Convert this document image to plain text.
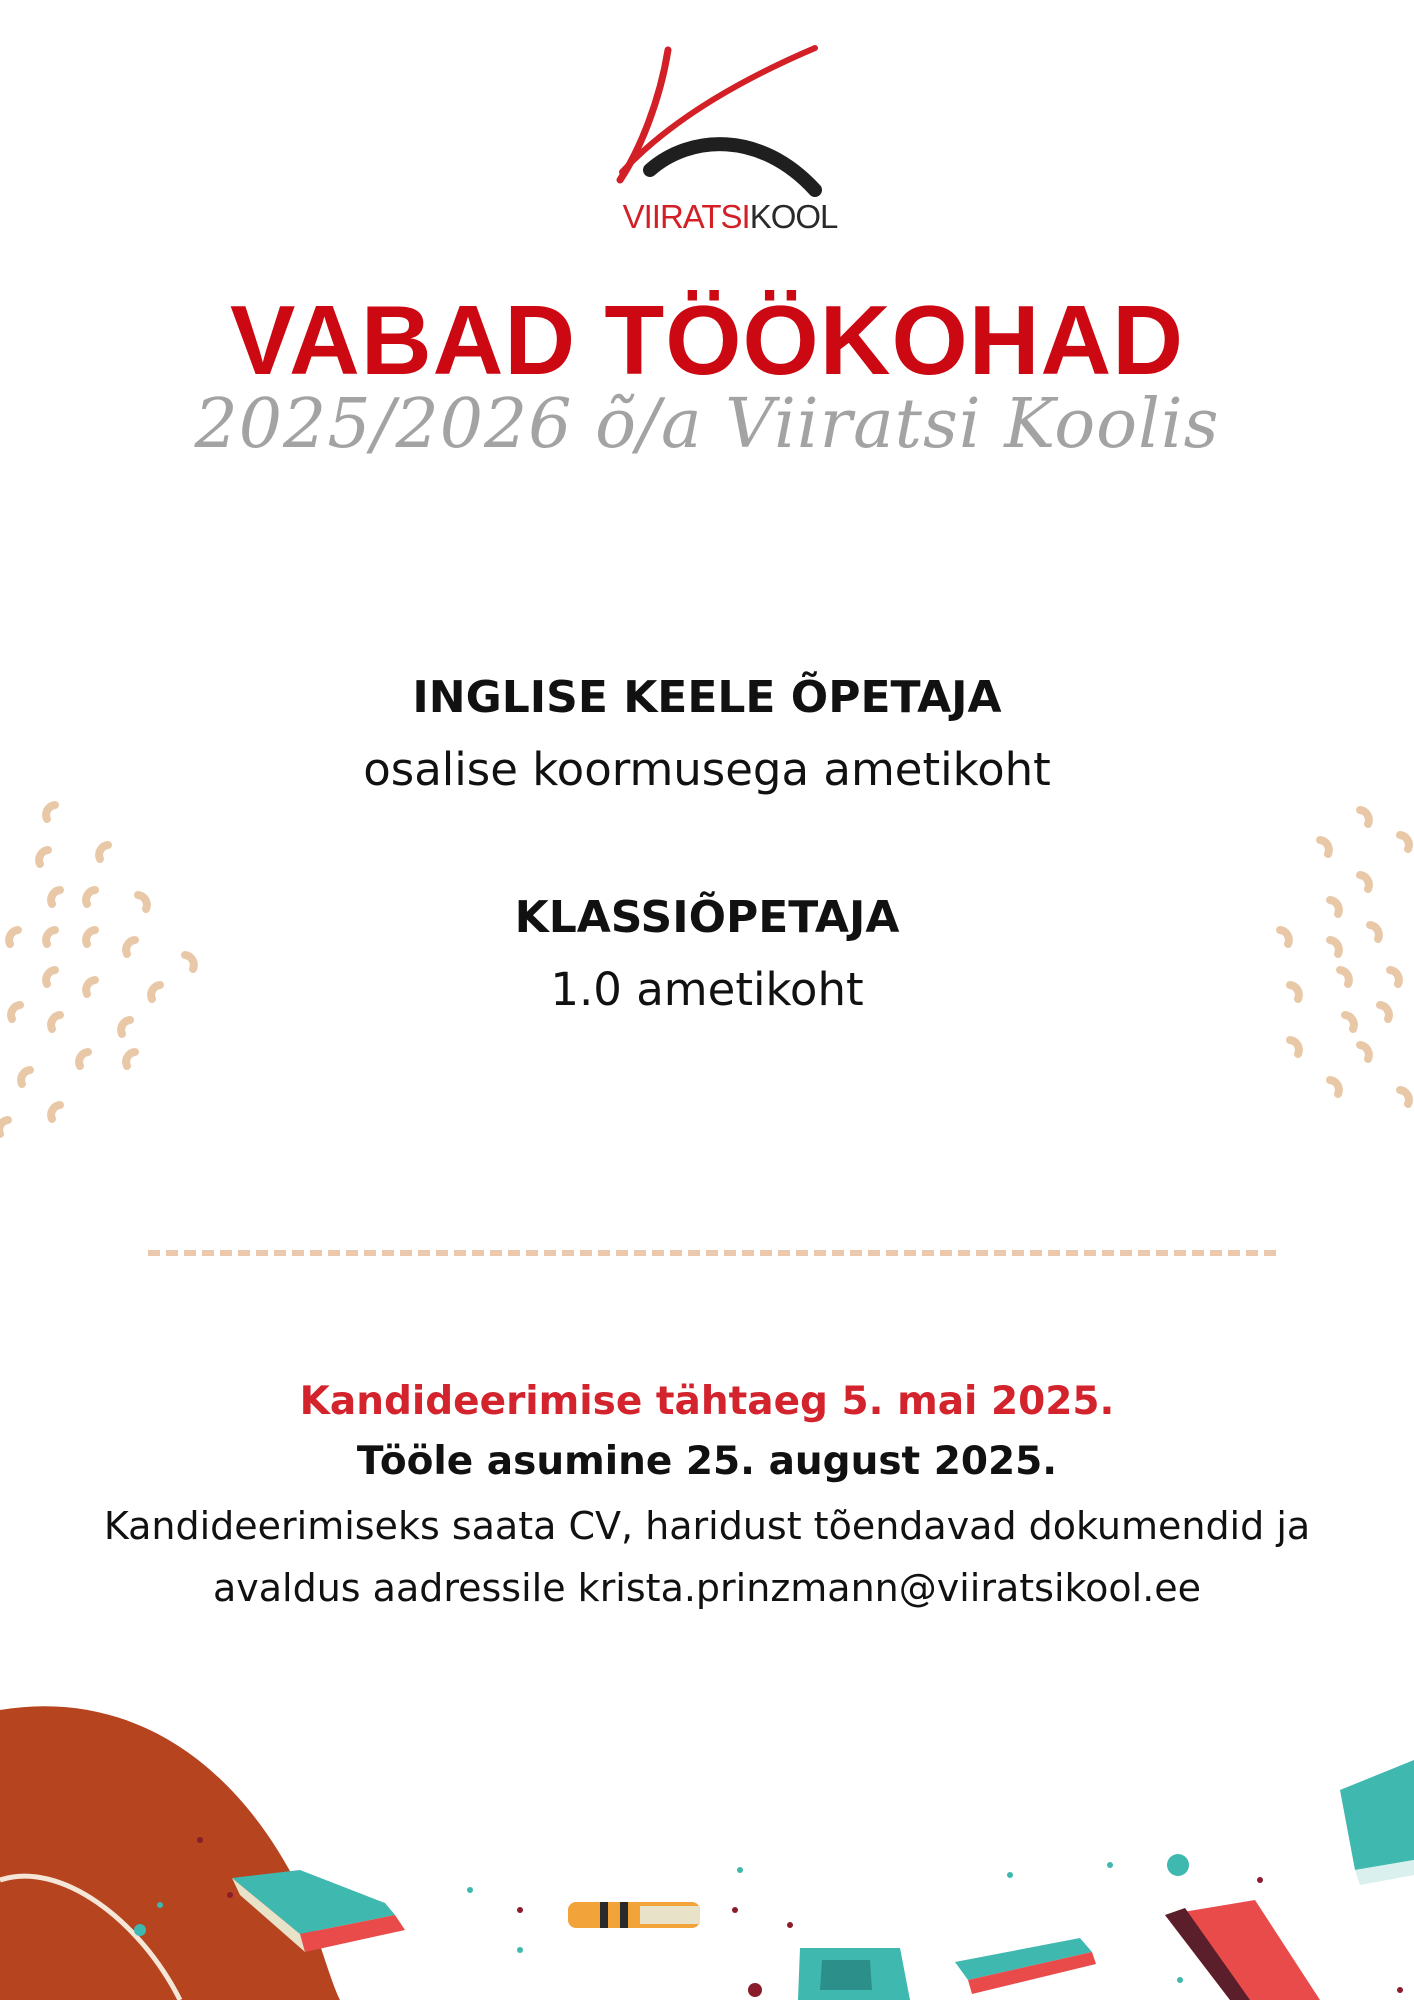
VIIRATSIKOOL
VABAD TÖÖKOHAD
2025/2026 õ/a Viiratsi Koolis
INGLISE KEELE ÕPETAJA
osalise koormusega ametikoht
KLASSIÕPETAJA
1.0 ametikoht
Kandideerimise tähtaeg 5. mai 2025.
Tööle asumine 25. august 2025.
Kandideerimiseks saata CV, haridust tõendavad dokumendid ja
avaldus aadressile krista.prinzmann@viiratsikool.ee
